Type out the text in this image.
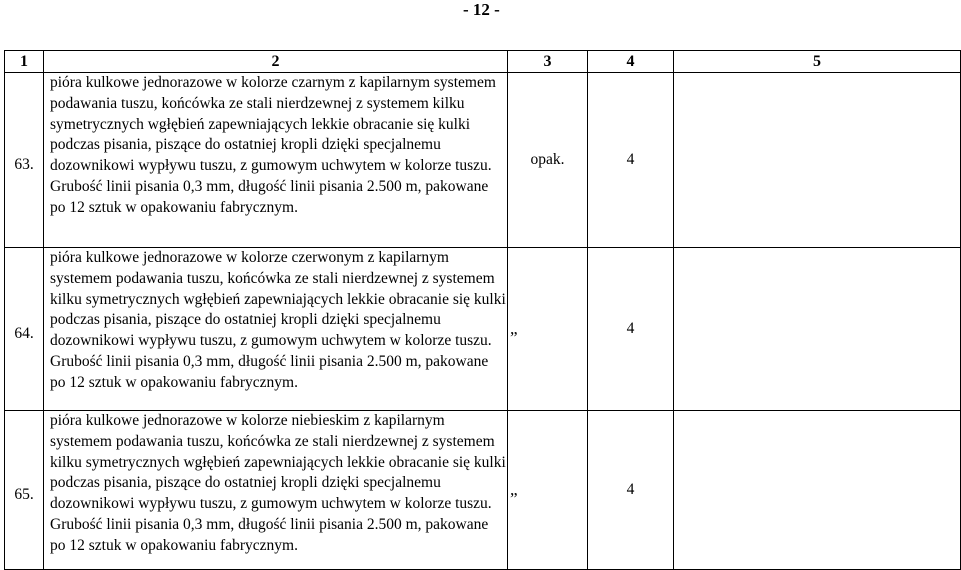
- 12 -
1	2	3	4	5
63.	pióra kulkowe jednorazowe w kolorze czarnym z kapilarnym systemem podawania tuszu, końcówka ze stali nierdzewnej z systemem kilku symetrycznych wgłębień zapewniających lekkie obracanie się kulki podczas pisania, piszące do ostatniej kropli dzięki specjalnemu dozownikowi wypływu tuszu, z gumowym uchwytem w kolorze tuszu. Grubość linii pisania 0,3 mm, długość linii pisania 2.500 m, pakowane po 12 sztuk w opakowaniu fabrycznym.	opak.	4	
64.	pióra kulkowe jednorazowe w kolorze czerwonym z kapilarnym systemem podawania tuszu, końcówka ze stali nierdzewnej z systemem kilku symetrycznych wgłębień zapewniających lekkie obracanie się kulki podczas pisania, piszące do ostatniej kropli dzięki specjalnemu dozownikowi wypływu tuszu, z gumowym uchwytem w kolorze tuszu. Grubość linii pisania 0,3 mm, długość linii pisania 2.500 m, pakowane po 12 sztuk w opakowaniu fabrycznym.	„	4	
65.	pióra kulkowe jednorazowe w kolorze niebieskim z kapilarnym systemem podawania tuszu, końcówka ze stali nierdzewnej z systemem kilku symetrycznych wgłębień zapewniających lekkie obracanie się kulki podczas pisania, piszące do ostatniej kropli dzięki specjalnemu dozownikowi wypływu tuszu, z gumowym uchwytem w kolorze tuszu. Grubość linii pisania 0,3 mm, długość linii pisania 2.500 m, pakowane po 12 sztuk w opakowaniu fabrycznym.	„	4	
